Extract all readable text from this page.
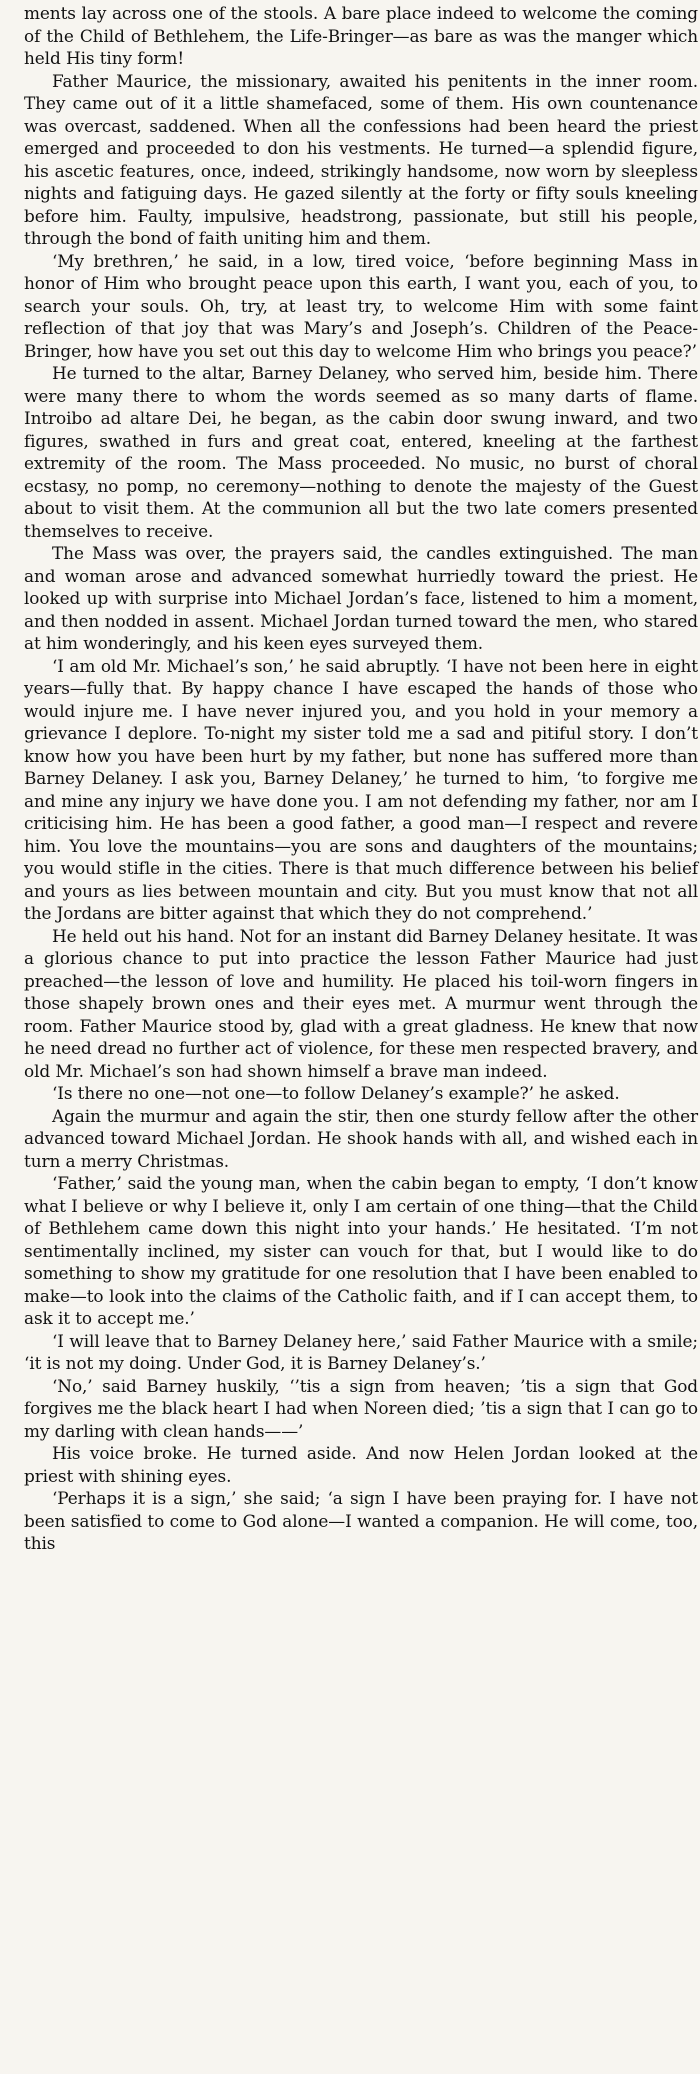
ments lay across one of the stools. A bare place indeed to welcome the coming of the Child of Bethlehem, the Life-Bringer—as bare as was the manger which held His tiny form!

Father Maurice, the missionary, awaited his penitents in the inner room. They came out of it a little shamefaced, some of them. His own countenance was overcast, saddened. When all the confessions had been heard the priest emerged and proceeded to don his vestments. He turned—a splendid figure, his ascetic features, once, indeed, strikingly handsome, now worn by sleepless nights and fatiguing days. He gazed silently at the forty or fifty souls kneeling before him. Faulty, impulsive, headstrong, passionate, but still his people, through the bond of faith uniting him and them.

‘My brethren,’ he said, in a low, tired voice, ‘before beginning Mass in honor of Him who brought peace upon this earth, I want you, each of you, to search your souls. Oh, try, at least try, to welcome Him with some faint reflection of that joy that was Mary’s and Joseph’s. Children of the Peace-Bringer, how have you set out this day to welcome Him who brings you peace?’

He turned to the altar, Barney Delaney, who served him, beside him. There were many there to whom the words seemed as so many darts of flame. Introibo ad altare Dei, he began, as the cabin door swung inward, and two figures, swathed in furs and great coat, entered, kneeling at the farthest extremity of the room. The Mass proceeded. No music, no burst of choral ecstasy, no pomp, no ceremony—nothing to denote the majesty of the Guest about to visit them. At the communion all but the two late comers presented themselves to receive.

The Mass was over, the prayers said, the candles extinguished. The man and woman arose and advanced somewhat hurriedly toward the priest. He looked up with surprise into Michael Jordan’s face, listened to him a moment, and then nodded in assent. Michael Jordan turned toward the men, who stared at him wonderingly, and his keen eyes surveyed them.

‘I am old Mr. Michael’s son,’ he said abruptly. ‘I have not been here in eight years—fully that. By happy chance I have escaped the hands of those who would injure me. I have never injured you, and you hold in your memory a grievance I deplore. To-night my sister told me a sad and pitiful story. I don’t know how you have been hurt by my father, but none has suffered more than Barney Delaney. I ask you, Barney Delaney,’ he turned to him, ‘to forgive me and mine any injury we have done you. I am not defending my father, nor am I criticising him. He has been a good father, a good man—I respect and revere him. You love the mountains—you are sons and daughters of the mountains; you would stifle in the cities. There is that much difference between his belief and yours as lies between mountain and city. But you must know that not all the Jordans are bitter against that which they do not comprehend.’

He held out his hand. Not for an instant did Barney Delaney hesitate. It was a glorious chance to put into practice the lesson Father Maurice had just preached—the lesson of love and humility. He placed his toil-worn fingers in those shapely brown ones and their eyes met. A murmur went through the room. Father Maurice stood by, glad with a great gladness. He knew that now he need dread no further act of violence, for these men respected bravery, and old Mr. Michael’s son had shown himself a brave man indeed.

‘Is there no one—not one—to follow Delaney’s example?’ he asked.

Again the murmur and again the stir, then one sturdy fellow after the other advanced toward Michael Jordan. He shook hands with all, and wished each in turn a merry Christmas.

‘Father,’ said the young man, when the cabin began to empty, ‘I don’t know what I believe or why I believe it, only I am certain of one thing—that the Child of Bethlehem came down this night into your hands.’ He hesitated. ‘I’m not sentimentally inclined, my sister can vouch for that, but I would like to do something to show my gratitude for one resolution that I have been enabled to make—to look into the claims of the Catholic faith, and if I can accept them, to ask it to accept me.’

‘I will leave that to Barney Delaney here,’ said Father Maurice with a smile; ‘it is not my doing. Under God, it is Barney Delaney’s.’

‘No,’ said Barney huskily, ‘’tis a sign from heaven; ’tis a sign that God forgives me the black heart I had when Noreen died; ’tis a sign that I can go to my darling with clean hands——’

His voice broke. He turned aside. And now Helen Jordan looked at the priest with shining eyes.

‘Perhaps it is a sign,’ she said; ‘a sign I have been praying for. I have not been satisfied to come to God alone—I wanted a companion. He will come, too, this
